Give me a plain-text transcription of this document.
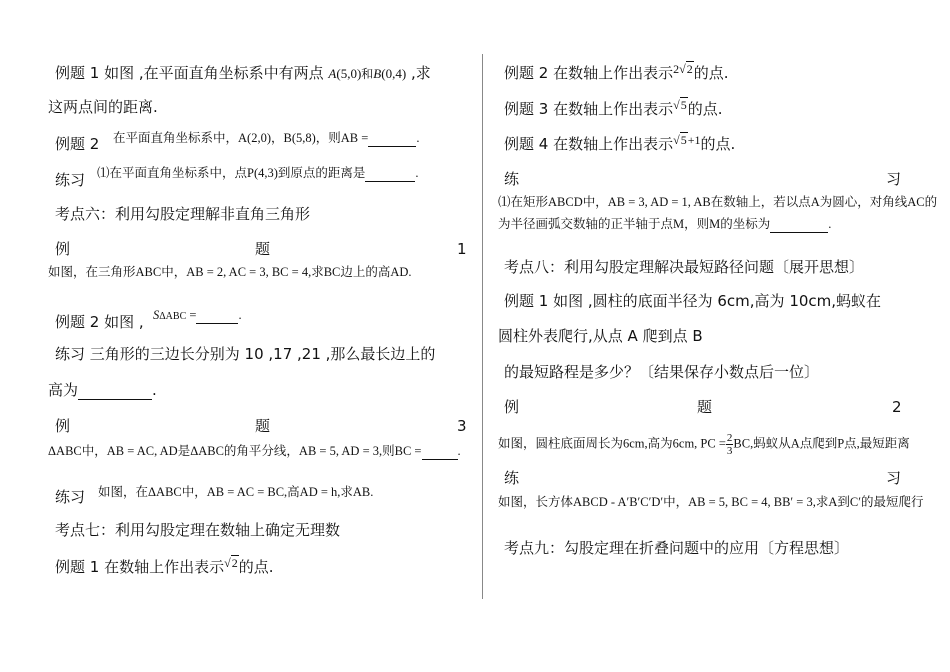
例题 1 如图 ,在平面直角坐标系中有两点 A(5,0)和B(0,4) ,求
这两点间的距离.
例题 2 在平面直角坐标系中，A(2,0)，B(5,8)，则AB =	.
练习 ⑴在平面直角坐标系中，点P(4,3)到原点的距离是	.
考点六：利用勾股定理解非直角三角形
例	题	1
如图，在三角形ABC中，AB = 2, AC = 3, BC = 4,求BC边上的高AD.
例题 2 如图 , SΔABC =	.
练习 三角形的三边长分别为 10 ,17 ,21 ,那么最长边上的
高为	.
例	题	3
ΔABC中，AB = AC, AD是ΔABC的角平分线，AB = 5, AD = 3,则BC =	.
练习 如图，在ΔABC中，AB = AC = BC,高AD = h,求AB.
考点七：利用勾股定理在数轴上确定无理数
例题 1 在数轴上作出表示$^{√2}$的点.
例题 2 在数轴上作出表示$^{2√2}$的点.
例题 3 在数轴上作出表示$^{√5}$的点.
例题 4 在数轴上作出表示$^{√5+1}$的点.
练	习
⑴在矩形ABCD中，AB = 3, AD = 1, AB在数轴上，若以点A为圆心，对角线AC的
为半径画弧交数轴的正半轴于点M，则M的坐标为	.
考点八：利用勾股定理解决最短路径问题〔展开思想〕
例题 1 如图 ,圆柱的底面半径为 6cm,高为 10cm,蚂蚁在
圆柱外表爬行,从点 A 爬到点 B
的最短路程是多少？〔结果保存小数点后一位〕
例	题	2
如图，圆柱底面周长为6cm,高为6cm, PC = $\frac{2}{3}$ BC,蚂蚁从A点爬到P点,最短距离
练	习
如图，长方体ABCD - A′B′C′D′中，AB = 5, BC = 4, BB′ = 3,求A到C′的最短爬行
考点九：勾股定理在折叠问题中的应用〔方程思想〕
